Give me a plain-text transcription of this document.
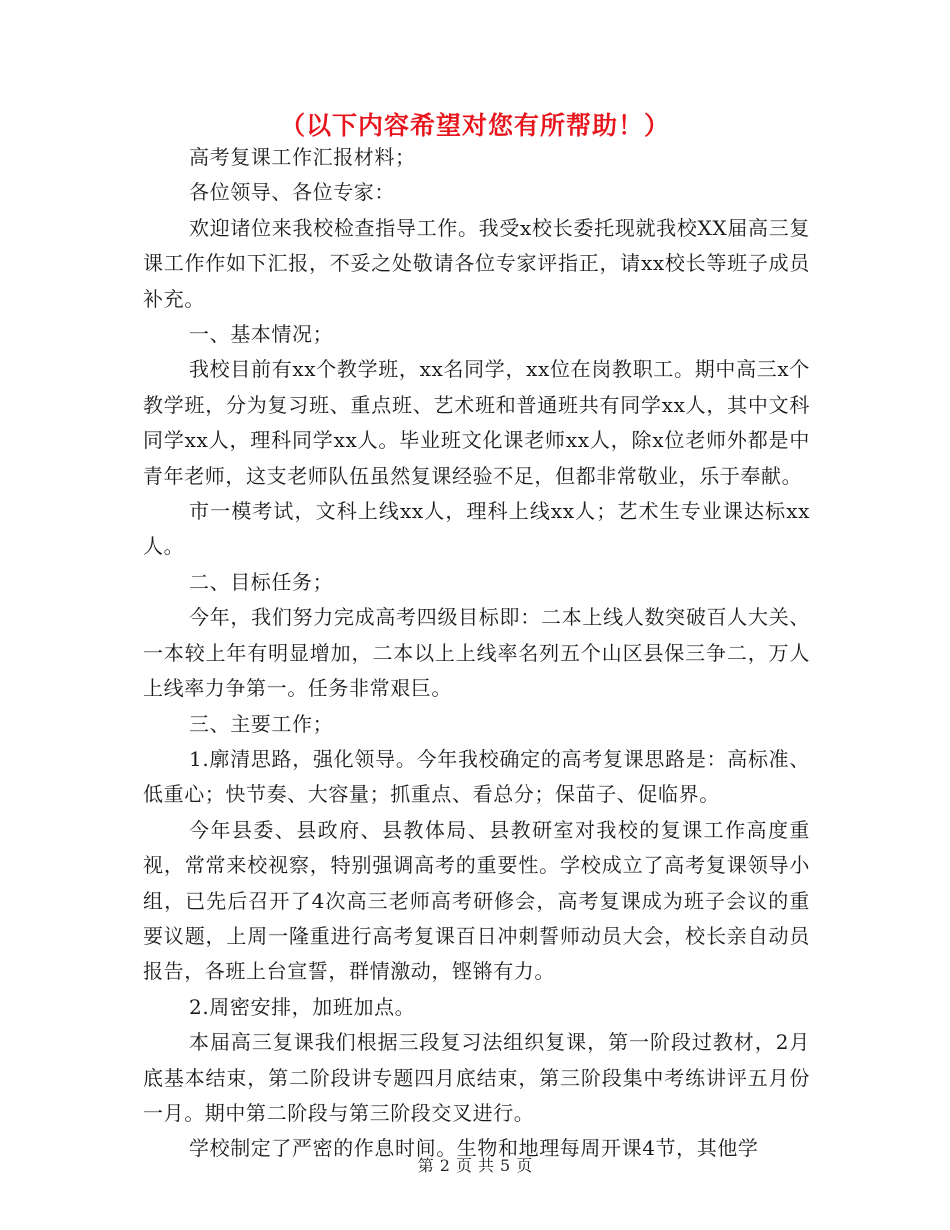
（以下内容希望对您有所帮助！）

高考复课工作汇报材料；

各位领导、各位专家：

欢迎诸位来我校检查指导工作。我受x校长委托现就我校XX届高三复课工作作如下汇报，不妥之处敬请各位专家评指正，请xx校长等班子成员补充。

一、基本情况；

我校目前有xx个教学班，xx名同学，xx位在岗教职工。期中高三x个教学班，分为复习班、重点班、艺术班和普通班共有同学xx人，其中文科同学xx人，理科同学xx人。毕业班文化课老师xx人，除x位老师外都是中青年老师，这支老师队伍虽然复课经验不足，但都非常敬业，乐于奉献。

市一模考试，文科上线xx人，理科上线xx人；艺术生专业课达标xx人。

二、目标任务；

今年，我们努力完成高考四级目标即：二本上线人数突破百人大关、一本较上年有明显增加，二本以上上线率名列五个山区县保三争二，万人上线率力争第一。任务非常艰巨。

三、主要工作；

1.廓清思路，强化领导。今年我校确定的高考复课思路是：高标准、低重心；快节奏、大容量；抓重点、看总分；保苗子、促临界。

今年县委、县政府、县教体局、县教研室对我校的复课工作高度重视，常常来校视察，特别强调高考的重要性。学校成立了高考复课领导小组，已先后召开了4次高三老师高考研修会，高考复课成为班子会议的重要议题，上周一隆重进行高考复课百日冲刺誓师动员大会，校长亲自动员报告，各班上台宣誓，群情激动，铿锵有力。

2.周密安排，加班加点。

本届高三复课我们根据三段复习法组织复课，第一阶段过教材，2月底基本结束，第二阶段讲专题四月底结束，第三阶段集中考练讲评五月份一月。期中第二阶段与第三阶段交叉进行。

学校制定了严密的作息时间。生物和地理每周开课4节，其他学

第 2 页 共 5 页
